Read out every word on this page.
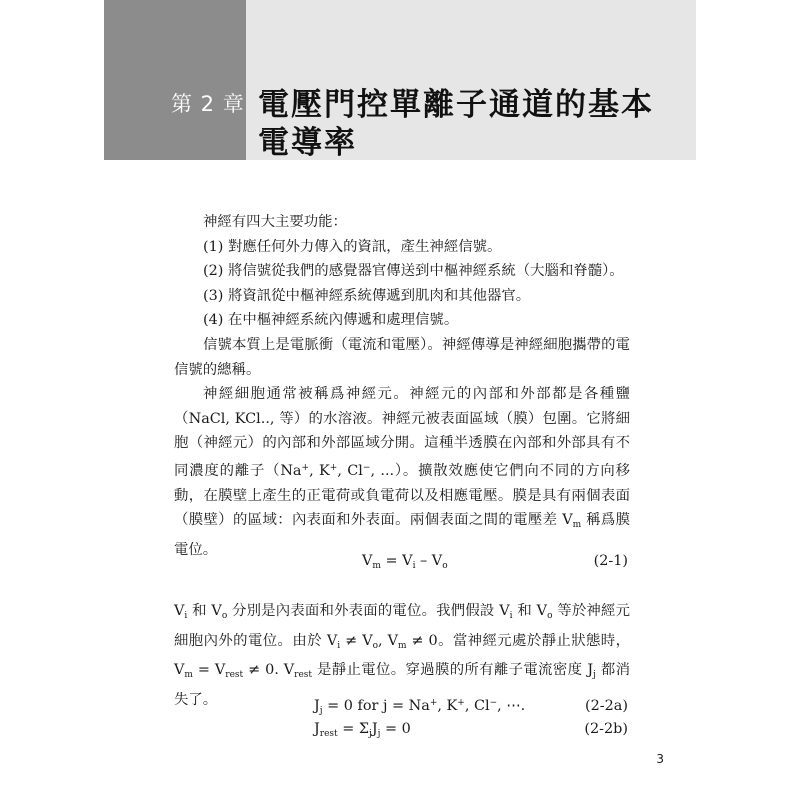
第 2 章 電壓門控單離子通道的基本電導率

神經有四大主要功能：

(1) 對應任何外力傳入的資訊，產生神經信號。

(2) 將信號從我們的感覺器官傳送到中樞神經系統（大腦和脊髓）。

(3) 將資訊從中樞神經系統傳遞到肌肉和其他器官。

(4) 在中樞神經系統內傳遞和處理信號。

信號本質上是電脈衝（電流和電壓）。神經傳導是神經細胞攜帶的電信號的總稱。

神經細胞通常被稱爲神經元。神經元的內部和外部都是各種鹽（NaCl, KCl.., 等）的水溶液。神經元被表面區域（膜）包圍。它將細胞（神經元）的內部和外部區域分開。這種半透膜在內部和外部具有不同濃度的離子（Na+, K+, Cl−, ...）。擴散效應使它們向不同的方向移動，在膜壁上產生的正電荷或負電荷以及相應電壓。膜是具有兩個表面（膜壁）的區域：內表面和外表面。兩個表面之間的電壓差 $V_m$ 稱爲膜電位。

$V_m = V_i - V_o$	(2-1)

$V_i$ 和 $V_o$ 分別是內表面和外表面的電位。我們假設 $V_i$ 和 $V_o$ 等於神經元細胞內外的電位。由於 $V_i \ne V_o$, $V_m \ne 0$。當神經元處於靜止狀態時，$V_m = V_{rest} \ne 0$. $V_{rest}$ 是靜止電位。穿過膜的所有離子電流密度 $J_j$ 都消失了。	$J_j = 0$ for j = Na+, K+, Cl−, ⋯.	(2-2a)
$J_{rest} = \Sigma_jJ_j = 0$	(2-2b)
3
